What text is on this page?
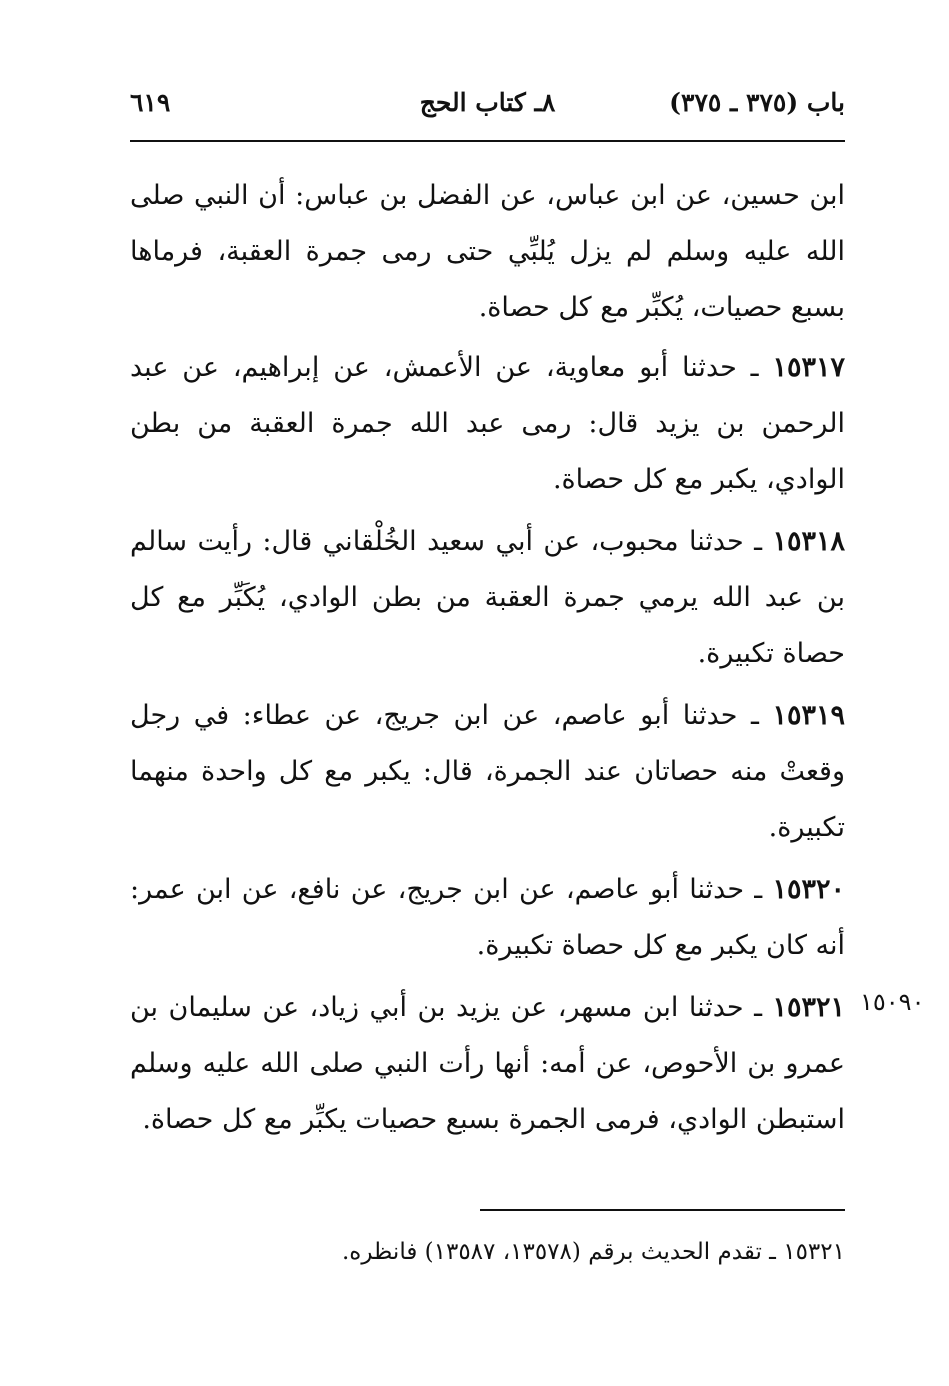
باب (٣٧٥ ـ ٣٧٥)
٨ـ كتاب الحج
٦١٩
ابن حسين، عن ابن عباس، عن الفضل بن عباس: أن النبي صلى الله عليه وسلم لم يزل يُلبِّي حتى رمى جمرة العقبة، فرماها بسبع حصيات، يُكبِّر مع كل حصاة.
١٥٣١٧ ـ حدثنا أبو معاوية، عن الأعمش، عن إبراهيم، عن عبد الرحمن بن يزيد قال: رمى عبد الله جمرة العقبة من بطن الوادي، يكبر مع كل حصاة.
١٥٣١٨ ـ حدثنا محبوب، عن أبي سعيد الخُلْقاني قال: رأيت سالم بن عبد الله يرمي جمرة العقبة من بطن الوادي، يُكَبِّر مع كل حصاة تكبيرة.
١٥٣١٩ ـ حدثنا أبو عاصم، عن ابن جريج، عن عطاء: في رجل وقعتْ منه حصاتان عند الجمرة، قال: يكبر مع كل واحدة منهما تكبيرة.
١٥٣٢٠ ـ حدثنا أبو عاصم، عن ابن جريج، عن نافع، عن ابن عمر: أنه كان يكبر مع كل حصاة تكبيرة.
١٥٣٢١ ـ حدثنا ابن مسهر، عن يزيد بن أبي زياد، عن سليمان بن عمرو بن الأحوص، عن أمه: أنها رأت النبي صلى الله عليه وسلم استبطن الوادي، فرمى الجمرة بسبع حصيات يكبِّر مع كل حصاة.
١٥٠٩٠
١٥٣٢١ ـ تقدم الحديث برقم (١٣٥٧٨، ١٣٥٨٧) فانظره.
